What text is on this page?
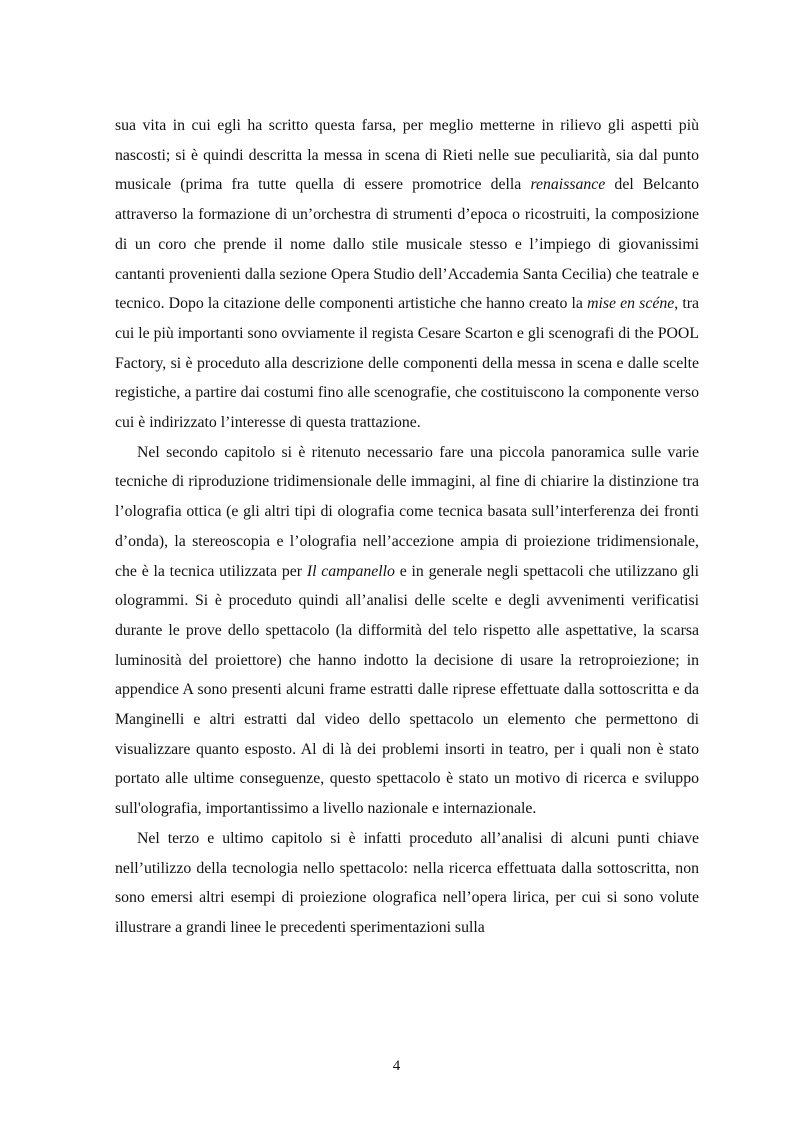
sua vita in cui egli ha scritto questa farsa, per meglio metterne in rilievo gli aspetti più nascosti; si è quindi descritta la messa in scena di Rieti nelle sue peculiarità, sia dal punto musicale (prima fra tutte quella di essere promotrice della renaissance del Belcanto attraverso la formazione di un’orchestra di strumenti d’epoca o ricostruiti, la composizione di un coro che prende il nome dallo stile musicale stesso e l’impiego di giovanissimi cantanti provenienti dalla sezione Opera Studio dell’Accademia Santa Cecilia) che teatrale e tecnico. Dopo la citazione delle componenti artistiche che hanno creato la mise en scéne, tra cui le più importanti sono ovviamente il regista Cesare Scarton e gli scenografi di the POOL Factory, si è proceduto alla descrizione delle componenti della messa in scena e dalle scelte registiche, a partire dai costumi fino alle scenografie, che costituiscono la componente verso cui è indirizzato l’interesse di questa trattazione.

Nel secondo capitolo si è ritenuto necessario fare una piccola panoramica sulle varie tecniche di riproduzione tridimensionale delle immagini, al fine di chiarire la distinzione tra l’olografia ottica (e gli altri tipi di olografia come tecnica basata sull’interferenza dei fronti d’onda), la stereoscopia e l’olografia nell’accezione ampia di proiezione tridimensionale, che è la tecnica utilizzata per Il campanello e in generale negli spettacoli che utilizzano gli ologrammi. Si è proceduto quindi all’analisi delle scelte e degli avvenimenti verificatisi durante le prove dello spettacolo (la difformità del telo rispetto alle aspettative, la scarsa luminosità del proiettore) che hanno indotto la decisione di usare la retroproiezione; in appendice A sono presenti alcuni frame estratti dalle riprese effettuate dalla sottoscritta e da Manginelli e altri estratti dal video dello spettacolo un elemento che permettono di visualizzare quanto esposto. Al di là dei problemi insorti in teatro, per i quali non è stato portato alle ultime conseguenze, questo spettacolo è stato un motivo di ricerca e sviluppo sull'olografia, importantissimo a livello nazionale e internazionale.

Nel terzo e ultimo capitolo si è infatti proceduto all’analisi di alcuni punti chiave nell’utilizzo della tecnologia nello spettacolo: nella ricerca effettuata dalla sottoscritta, non sono emersi altri esempi di proiezione olografica nell’opera lirica, per cui si sono volute illustrare a grandi linee le precedenti sperimentazioni sulla

4
